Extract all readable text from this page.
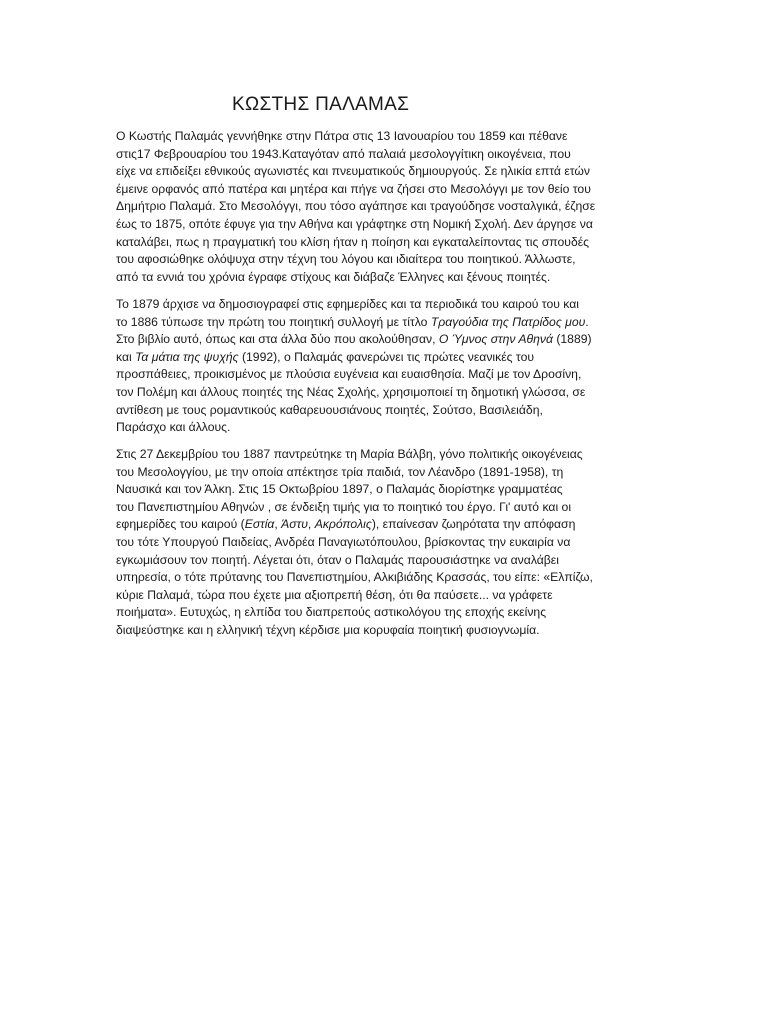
ΚΩΣΤΗΣ ΠΑΛΑΜΑΣ
Ο Κωστής Παλαμάς γεννήθηκε στην Πάτρα στις 13 Ιανουαρίου του 1859 και πέθανε
στις17 Φεβρουαρίου του 1943.Καταγόταν από παλαιά μεσολογγίτικη οικογένεια, που
είχε να επιδείξει εθνικούς αγωνιστές και πνευματικούς δημιουργούς. Σε ηλικία επτά ετών
έμεινε ορφανός από πατέρα και μητέρα και πήγε να ζήσει στο Μεσολόγγι με τον θείο του
Δημήτριο Παλαμά. Στο Μεσολόγγι, που τόσο αγάπησε και τραγούδησε νοσταλγικά, έζησε
έως το 1875, οπότε έφυγε για την Αθήνα και γράφτηκε στη Νομική Σχολή. Δεν άργησε να
καταλάβει, πως η πραγματική του κλίση ήταν η ποίηση και εγκαταλείποντας τις σπουδές
του αφοσιώθηκε ολόψυχα στην τέχνη του λόγου και ιδιαίτερα του ποιητικού. Άλλωστε,
από τα εννιά του χρόνια έγραφε στίχους και διάβαζε Έλληνες και ξένους ποιητές.
Το 1879 άρχισε να δημοσιογραφεί στις εφημερίδες και τα περιοδικά του καιρού του και
το 1886 τύπωσε την πρώτη του ποιητική συλλογή με τίτλο Τραγούδια της Πατρίδος μου.
Στο βιβλίο αυτό, όπως και στα άλλα δύο που ακολούθησαν, Ο Ύμνος στην Αθηνά (1889)
και Τα μάτια της ψυχής (1992), ο Παλαμάς φανερώνει τις πρώτες νεανικές του
προσπάθειες, προικισμένος με πλούσια ευγένεια και ευαισθησία. Μαζί με τον Δροσίνη,
τον Πολέμη και άλλους ποιητές της Νέας Σχολής, χρησιμοποιεί τη δημοτική γλώσσα, σε
αντίθεση με τους ρομαντικούς καθαρευουσιάνους ποιητές, Σούτσο, Βασιλειάδη,
Παράσχο και άλλους.
Στις 27 Δεκεμβρίου του 1887 παντρεύτηκε τη Μαρία Βάλβη, γόνο πολιτικής οικογένειας
του Μεσολογγίου, με την οποία απέκτησε τρία παιδιά, τον Λέανδρο (1891-1958), τη
Ναυσικά και τον Άλκη. Στις 15 Οκτωβρίου 1897, ο Παλαμάς διορίστηκε γραμματέας
του Πανεπιστημίου Αθηνών , σε ένδειξη τιμής για το ποιητικό του έργο. Γι' αυτό και οι
εφημερίδες του καιρού (Εστία, Άστυ, Ακρόπολις), επαίνεσαν ζωηρότατα την απόφαση
του τότε Υπουργού Παιδείας, Ανδρέα Παναγιωτόπουλου, βρίσκοντας την ευκαιρία να
εγκωμιάσουν τον ποιητή. Λέγεται ότι, όταν ο Παλαμάς παρουσιάστηκε να αναλάβει
υπηρεσία, ο τότε πρύτανης του Πανεπιστημίου, Αλκιβιάδης Κρασσάς, του είπε: «Ελπίζω,
κύριε Παλαμά, τώρα που έχετε μια αξιοπρεπή θέση, ότι θα παύσετε... να γράφετε
ποιήματα». Ευτυχώς, η ελπίδα του διαπρεπούς αστικολόγου της εποχής εκείνης
διαψεύστηκε και η ελληνική τέχνη κέρδισε μια κορυφαία ποιητική φυσιογνωμία.
